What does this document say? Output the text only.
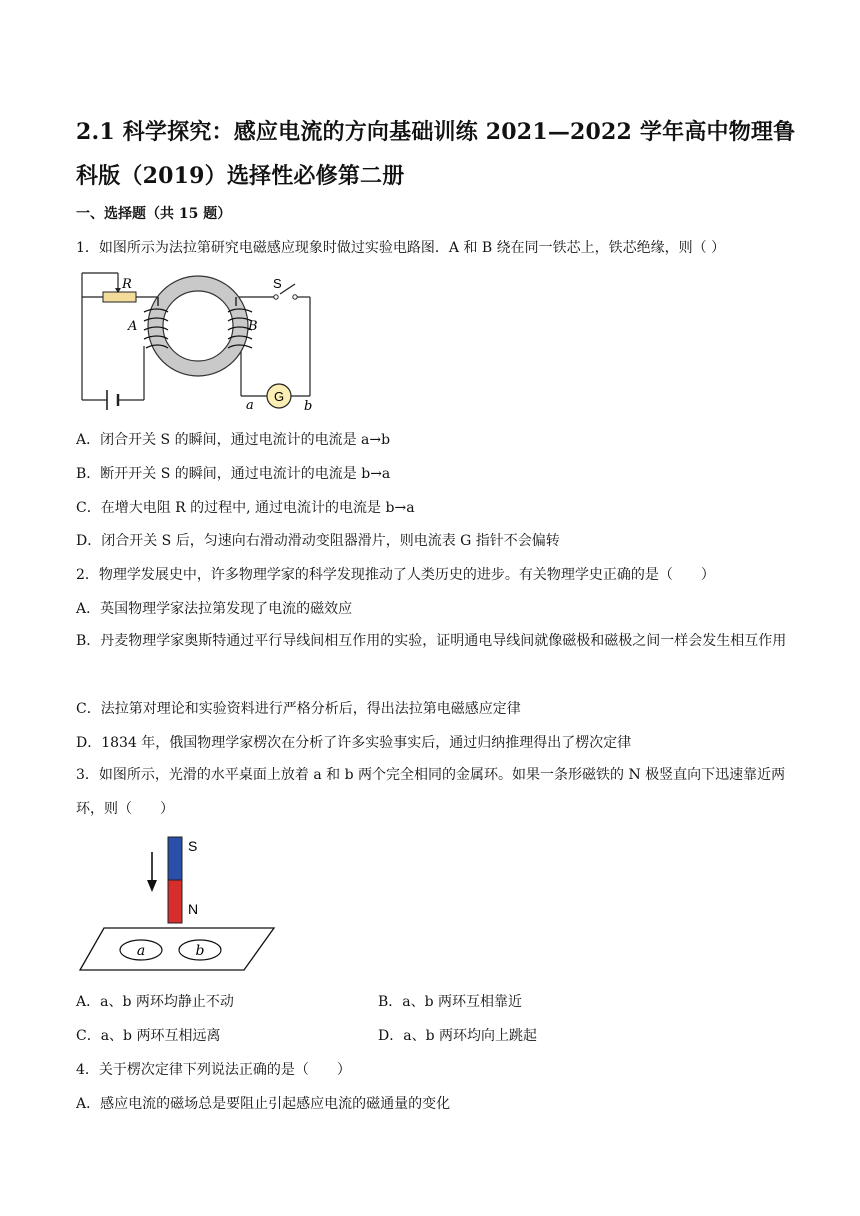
2.1 科学探究：感应电流的方向基础训练 2021—2022 学年高中物理鲁科版（2019）选择性必修第二册
一、选择题（共 15 题）
1．如图所示为法拉第研究电磁感应现象时做过实验电路图．A 和 B 绕在同一铁芯上，铁芯绝缘，则（ ）
G
R	S
A	B
a	b
A．闭合开关 S 的瞬间，通过电流计的电流是 a→b
B．断开开关 S 的瞬间，通过电流计的电流是 b→a
C．在增大电阻 R 的过程中, 通过电流计的电流是 b→a
D．闭合开关 S 后，匀速向右滑动滑动变阻器滑片，则电流表 G 指针不会偏转
2．物理学发展史中，许多物理学家的科学发现推动了人类历史的进步。有关物理学史正确的是（　　）
A．英国物理学家法拉第发现了电流的磁效应
B．丹麦物理学家奥斯特通过平行导线间相互作用的实验，证明通电导线间就像磁极和磁极之间一样会发生相互作用
C．法拉第对理论和实验资料进行严格分析后，得出法拉第电磁感应定律
D．1834 年，俄国物理学家楞次在分析了许多实验事实后，通过归纳推理得出了楞次定律
3．如图所示，光滑的水平桌面上放着 a 和 b 两个完全相同的金属环。如果一条形磁铁的 N 极竖直向下迅速靠近两环，则（　　）
S
N
a	b
A．a、b 两环均静止不动	B．a、b 两环互相靠近
C．a、b 两环互相远离	D．a、b 两环均向上跳起
4．关于楞次定律下列说法正确的是（　　）
A．感应电流的磁场总是要阻止引起感应电流的磁通量的变化
